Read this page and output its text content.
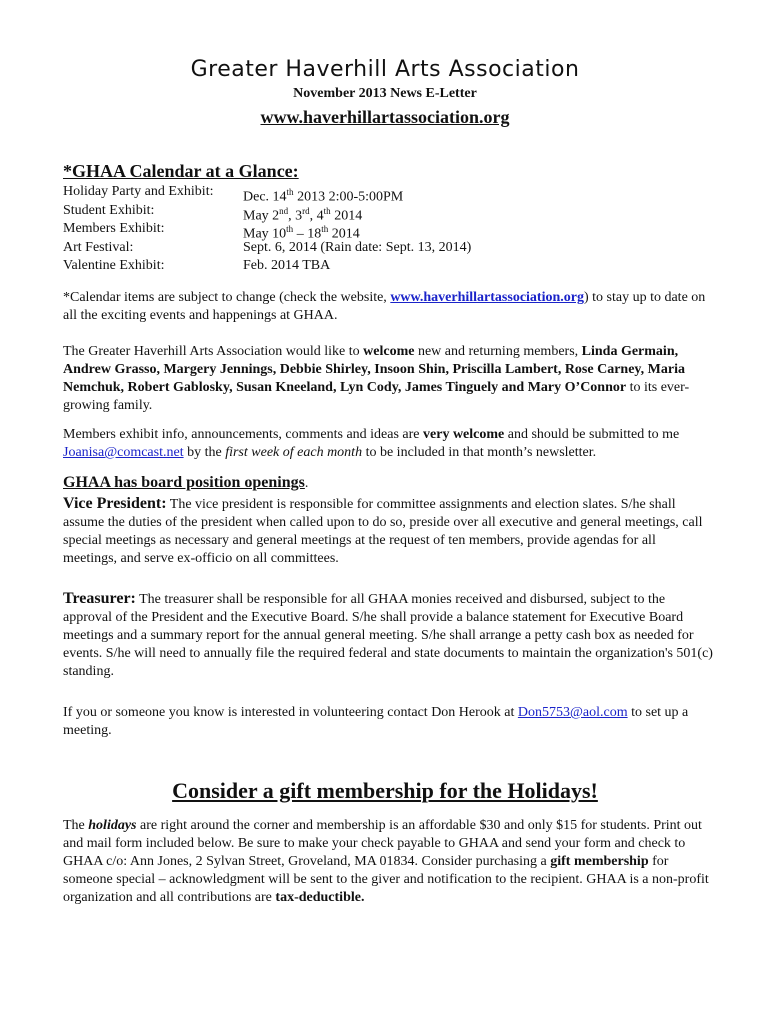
Greater Haverhill Arts Association
November 2013 News E-Letter
www.haverhillartassociation.org
*GHAA Calendar at a Glance:
Holiday Party and Exhibit:	Dec. 14th 2013 2:00-5:00PM
Student Exhibit:	May 2nd, 3rd, 4th 2014
Members Exhibit:	May 10th – 18th 2014
Art Festival:	Sept. 6, 2014 (Rain date: Sept. 13, 2014)
Valentine Exhibit:	Feb. 2014 TBA
*Calendar items are subject to change (check the website, www.haverhillartassociation.org) to stay up to date on all the exciting events and happenings at GHAA.
The Greater Haverhill Arts Association would like to welcome new and returning members, Linda Germain, Andrew Grasso, Margery Jennings, Debbie Shirley, Insoon Shin, Priscilla Lambert, Rose Carney, Maria Nemchuk, Robert Gablosky, Susan Kneeland, Lyn Cody, James Tinguely and Mary O’Connor to its ever-growing family.
Members exhibit info, announcements, comments and ideas are very welcome and should be submitted to me Joanisa@comcast.net by the first week of each month to be included in that month’s newsletter.
GHAA has board position openings.
Vice President: The vice president is responsible for committee assignments and election slates. S/he shall assume the duties of the president when called upon to do so, preside over all executive and general meetings, call special meetings as necessary and general meetings at the request of ten members, provide agendas for all meetings, and serve ex-officio on all committees.
Treasurer: The treasurer shall be responsible for all GHAA monies received and disbursed, subject to the approval of the President and the Executive Board. S/he shall provide a balance statement for Executive Board meetings and a summary report for the annual general meeting. S/he shall arrange a petty cash box as needed for events. S/he will need to annually file the required federal and state documents to maintain the organization's 501(c) standing.
If you or someone you know is interested in volunteering contact Don Herook at Don5753@aol.com to set up a meeting.
Consider a gift membership for the Holidays!
The holidays are right around the corner and membership is an affordable $30 and only $15 for students. Print out and mail form included below. Be sure to make your check payable to GHAA and send your form and check to GHAA c/o: Ann Jones, 2 Sylvan Street, Groveland, MA 01834. Consider purchasing a gift membership for someone special – acknowledgment will be sent to the giver and notification to the recipient. GHAA is a non-profit organization and all contributions are tax-deductible.
